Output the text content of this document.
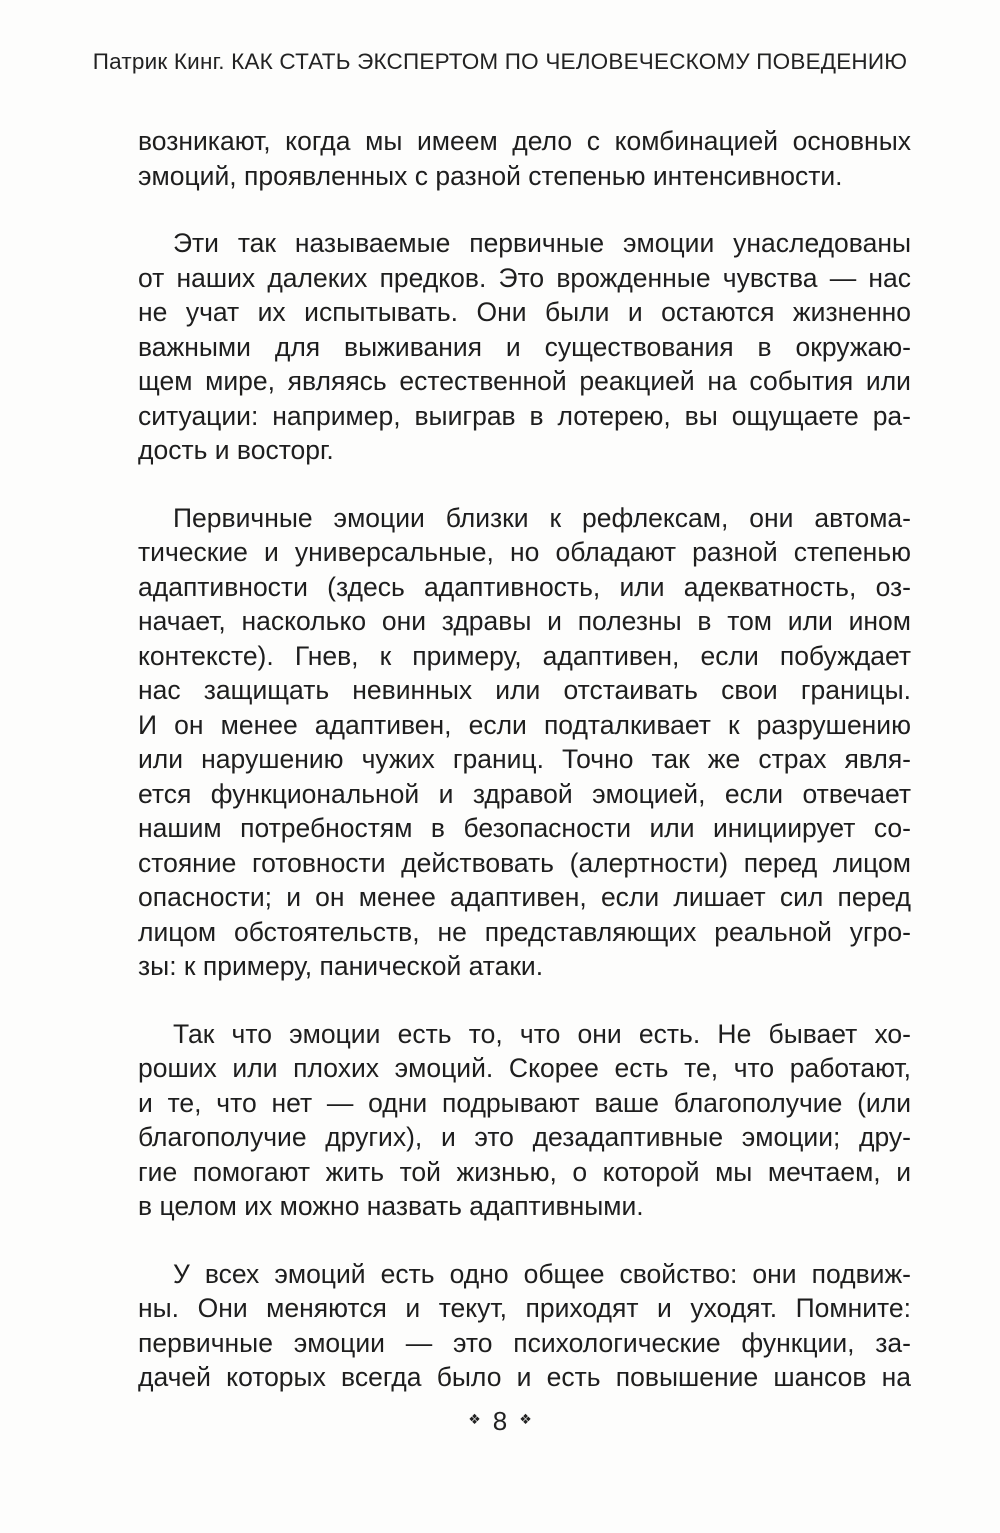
Патрик Кинг. КАК СТАТЬ ЭКСПЕРТОМ ПО ЧЕЛОВЕЧЕСКОМУ ПОВЕДЕНИЮ

возникают, когда мы имеем дело с комбинацией основных
эмоций, проявленных с разной степенью интенсивности.

Эти так называемые первичные эмоции унаследованы
от наших далеких предков. Это врожденные чувства — нас
не учат их испытывать. Они были и остаются жизненно
важными для выживания и существования в окружаю-
щем мире, являясь естественной реакцией на события или
ситуации: например, выиграв в лотерею, вы ощущаете ра-
дость и восторг.

Первичные эмоции близки к рефлексам, они автома-
тические и универсальные, но обладают разной степенью
адаптивности (здесь адаптивность, или адекватность, оз-
начает, насколько они здравы и полезны в том или ином
контексте). Гнев, к примеру, адаптивен, если побуждает
нас защищать невинных или отстаивать свои границы.
И он менее адаптивен, если подталкивает к разрушению
или нарушению чужих границ. Точно так же страх явля-
ется функциональной и здравой эмоцией, если отвечает
нашим потребностям в безопасности или инициирует со-
стояние готовности действовать (алертности) перед лицом
опасности; и он менее адаптивен, если лишает сил перед
лицом обстоятельств, не представляющих реальной угро-
зы: к примеру, панической атаки.

Так что эмоции есть то, что они есть. Не бывает хо-
роших или плохих эмоций. Скорее есть те, что работают,
и те, что нет — одни подрывают ваше благополучие (или
благополучие других), и это дезадаптивные эмоции; дру-
гие помогают жить той жизнью, о которой мы мечтаем, и
в целом их можно назвать адаптивными.

У всех эмоций есть одно общее свойство: они подвиж-
ны. Они меняются и текут, приходят и уходят. Помните:
первичные эмоции — это психологические функции, за-
дачей которых всегда было и есть повышение шансов на

❖ 8 ❖
